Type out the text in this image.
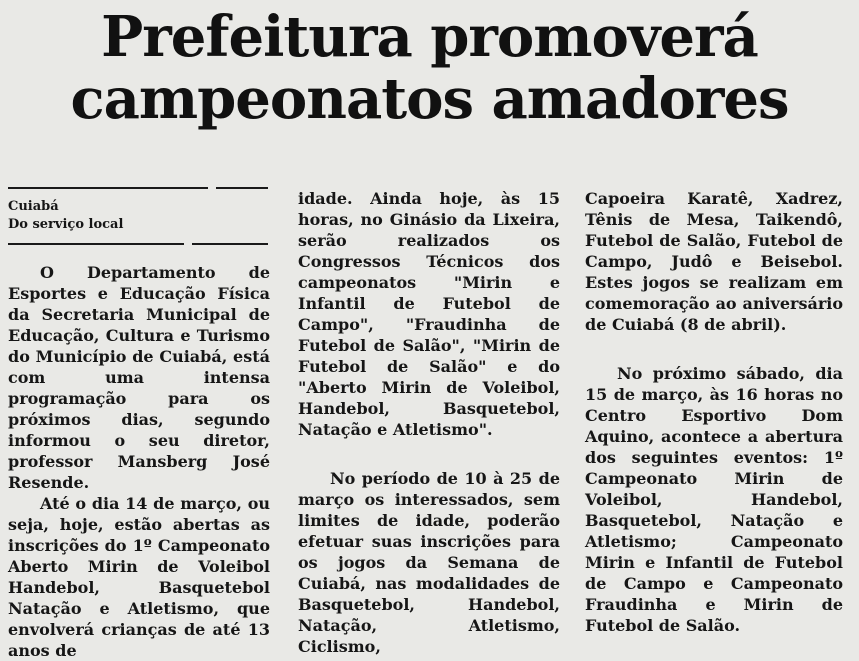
Prefeitura promoverá
campeonatos amadores
Cuiabá
Do serviço local

O Departamento de Esportes e Educação Física da Secretaria Municipal de Educação, Cultura e Turismo do Município de Cuiabá, está com uma intensa programação para os próximos dias, segundo informou o seu diretor, professor Mansberg José Resende.

Até o dia 14 de março, ou seja, hoje, estão abertas as inscrições do 1º Campeonato Aberto Mirin de Voleibol Handebol, Basquetebol Natação e Atletismo, que envolverá crianças de até 13 anos de

idade. Ainda hoje, às 15 horas, no Ginásio da Lixeira, serão realizados os Congressos Técnicos dos campeonatos "Mirin e Infantil de Futebol de Campo", "Fraudinha de Futebol de Salão", "Mirin de Futebol de Salão" e do "Aberto Mirin de Voleibol, Handebol, Basquetebol, Natação e Atletismo".

No período de 10 à 25 de março os interessados, sem limites de idade, poderão efetuar suas inscrições para os jogos da Semana de Cuiabá, nas modalidades de Basquetebol, Handebol, Natação, Atletismo, Ciclismo,

Capoeira Karatê, Xadrez, Tênis de Mesa, Taikendô, Futebol de Salão, Futebol de Campo, Judô e Beisebol. Estes jogos se realizam em comemoração ao aniversário de Cuiabá (8 de abril).

No próximo sábado, dia 15 de março, às 16 horas no Centro Esportivo Dom Aquino, acontece a abertura dos seguintes eventos: 1º Campeonato Mirin de Voleibol, Handebol, Basquetebol, Natação e Atletismo; Campeonato Mirin e Infantil de Futebol de Campo e Campeonato Fraudinha e Mirin de Futebol de Salão.
